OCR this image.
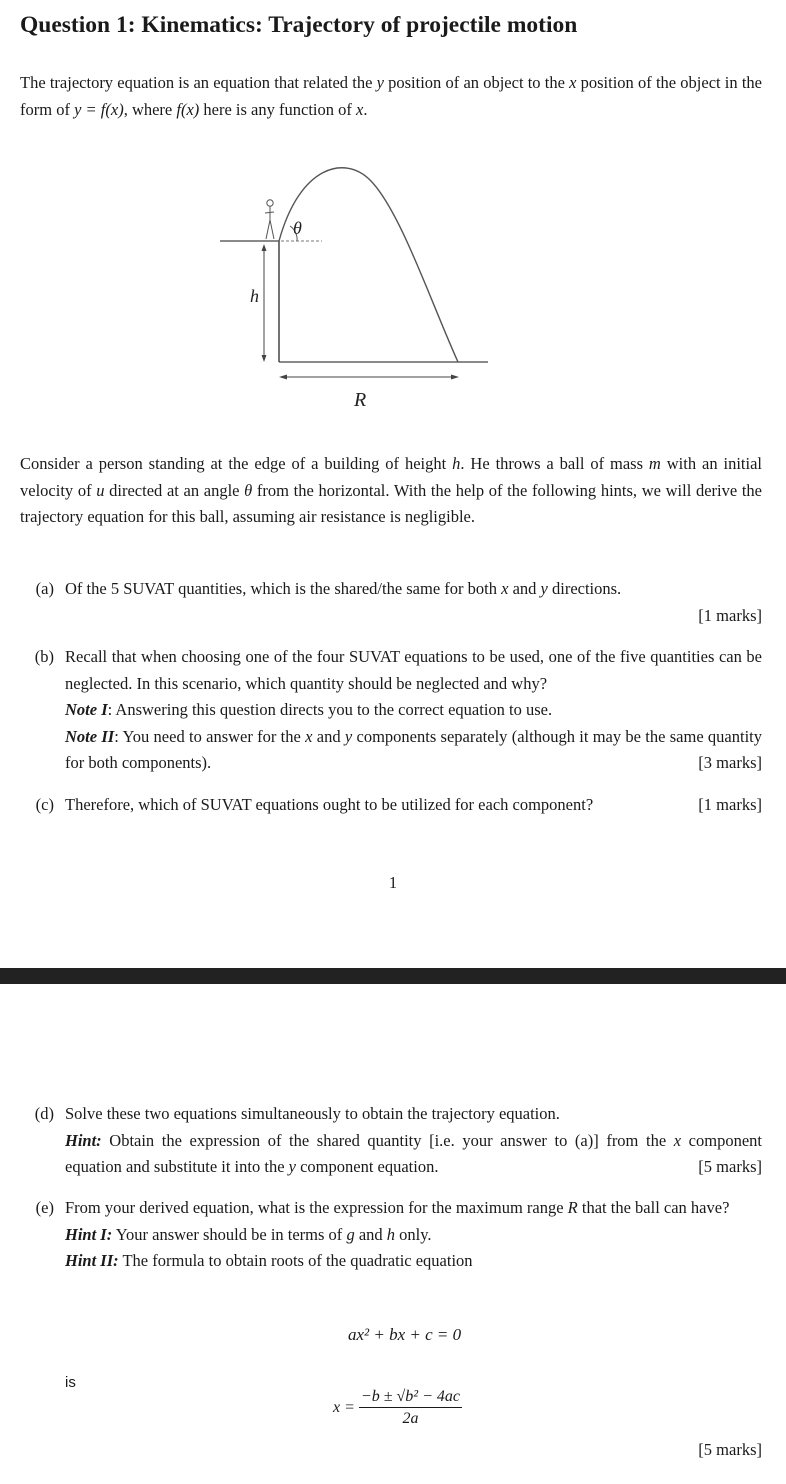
Question 1: Kinematics: Trajectory of projectile motion
The trajectory equation is an equation that related the y position of an object to the x position of the object in the form of y = f(x), where f(x) here is any function of x.
θ
h
R
Consider a person standing at the edge of a building of height h. He throws a ball of mass m with an initial velocity of u directed at an angle θ from the horizontal. With the help of the following hints, we will derive the trajectory equation for this ball, assuming air resistance is negligible.
(a) Of the 5 SUVAT quantities, which is the shared/the same for both x and y directions.
[1 marks]
(b) Recall that when choosing one of the four SUVAT equations to be used, one of the five quantities can be neglected. In this scenario, which quantity should be neglected and why?
Note I: Answering this question directs you to the correct equation to use.
Note II: You need to answer for the x and y components separately (although it may be the same quantity for both components).	[3 marks]
(c) Therefore, which of SUVAT equations ought to be utilized for each component?	[1 marks]
1
(d) Solve these two equations simultaneously to obtain the trajectory equation.
Hint: Obtain the expression of the shared quantity [i.e. your answer to (a)] from the x component equation and substitute it into the y component equation.	[5 marks]
(e) From your derived equation, what is the expression for the maximum range R that the ball can have?
Hint I: Your answer should be in terms of g and h only.
Hint II: The formula to obtain roots of the quadratic equation
ax² + bx + c = 0
is
$x = \frac{\text{−b ± √b² − 4ac}}{2a}$
[5 marks]
